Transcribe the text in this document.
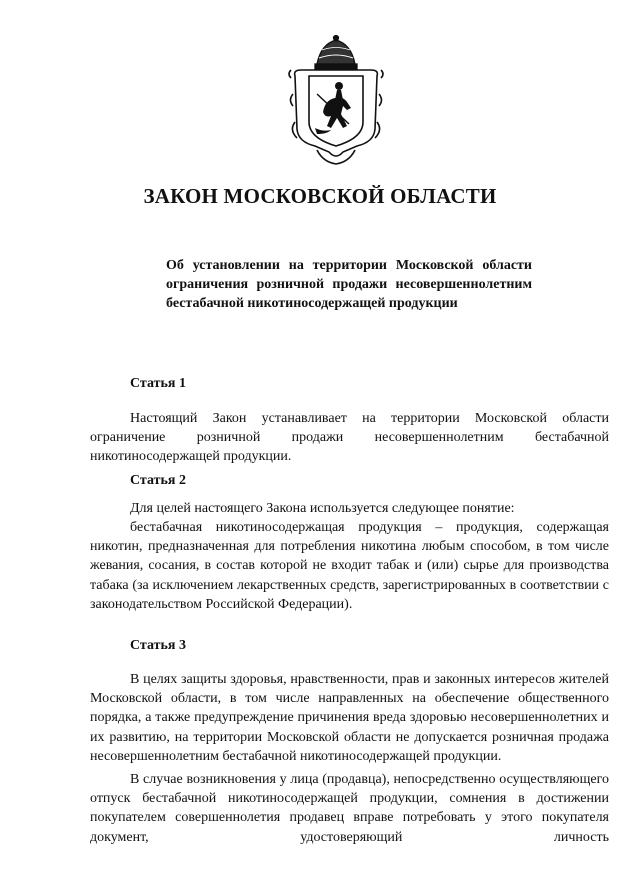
ЗАКОН МОСКОВСКОЙ ОБЛАСТИ
Об установлении на территории Московской области ограничения розничной продажи несовершеннолетним бестабачной никотиносодержащей продукции
Статья 1

Настоящий Закон устанавливает на территории Московской области ограничение розничной продажи несовершеннолетним бестабачной никотиносодержащей продукции.

Статья 2

Для целей настоящего Закона используется следующее понятие:

бестабачная никотиносодержащая продукция – продукция, содержащая никотин, предназначенная для потребления никотина любым способом, в том числе жевания, сосания, в состав которой не входит табак и (или) сырье для производства табака (за исключением лекарственных средств, зарегистрированных в соответствии с законодательством Российской Федерации).

Статья 3

В целях защиты здоровья, нравственности, прав и законных интересов жителей Московской области, в том числе направленных на обеспечение общественного порядка, а также предупреждение причинения вреда здоровью несовершеннолетних и их развитию, на территории Московской области не допускается розничная продажа несовершеннолетним бестабачной никотиносодержащей продукции.

В случае возникновения у лица (продавца), непосредственно осуществляющего отпуск бестабачной никотиносодержащей продукции, сомнения в достижении покупателем совершеннолетия продавец вправе потребовать у этого покупателя документ, удостоверяющий личность
